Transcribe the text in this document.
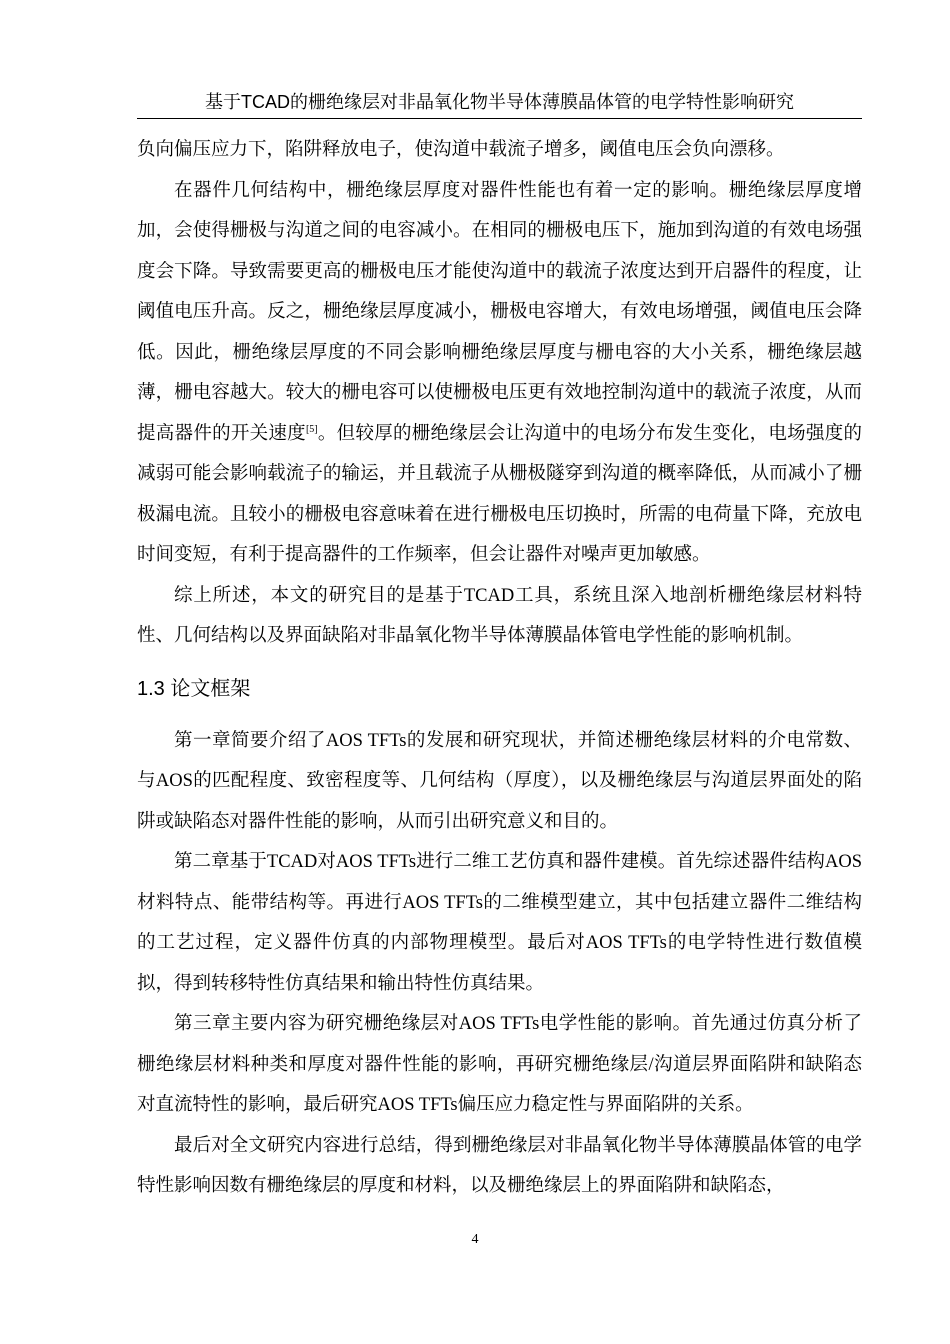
基于TCAD的栅绝缘层对非晶氧化物半导体薄膜晶体管的电学特性影响研究

负向偏压应力下，陷阱释放电子，使沟道中载流子增多，阈值电压会负向漂移。

在器件几何结构中，栅绝缘层厚度对器件性能也有着一定的影响。栅绝缘层厚度增加，会使得栅极与沟道之间的电容减小。在相同的栅极电压下，施加到沟道的有效电场强度会下降。导致需要更高的栅极电压才能使沟道中的载流子浓度达到开启器件的程度，让阈值电压升高。反之，栅绝缘层厚度减小，栅极电容增大，有效电场增强，阈值电压会降低。因此，栅绝缘层厚度的不同会影响栅绝缘层厚度与栅电容的大小关系，栅绝缘层越薄，栅电容越大。较大的栅电容可以使栅极电压更有效地控制沟道中的载流子浓度，从而提高器件的开关速度[5]。但较厚的栅绝缘层会让沟道中的电场分布发生变化，电场强度的减弱可能会影响载流子的输运，并且载流子从栅极隧穿到沟道的概率降低，从而减小了栅极漏电流。且较小的栅极电容意味着在进行栅极电压切换时，所需的电荷量下降，充放电时间变短，有利于提高器件的工作频率，但会让器件对噪声更加敏感。

综上所述，本文的研究目的是基于TCAD工具，系统且深入地剖析栅绝缘层材料特性、几何结构以及界面缺陷对非晶氧化物半导体薄膜晶体管电学性能的影响机制。

1.3 论文框架

第一章简要介绍了AOS TFTs的发展和研究现状，并简述栅绝缘层材料的介电常数、与AOS的匹配程度、致密程度等、几何结构（厚度），以及栅绝缘层与沟道层界面处的陷阱或缺陷态对器件性能的影响，从而引出研究意义和目的。

第二章基于TCAD对AOS TFTs进行二维工艺仿真和器件建模。首先综述器件结构AOS材料特点、能带结构等。再进行AOS TFTs的二维模型建立，其中包括建立器件二维结构的工艺过程，定义器件仿真的内部物理模型。最后对AOS TFTs的电学特性进行数值模拟，得到转移特性仿真结果和输出特性仿真结果。

第三章主要内容为研究栅绝缘层对AOS TFTs电学性能的影响。首先通过仿真分析了栅绝缘层材料种类和厚度对器件性能的影响，再研究栅绝缘层/沟道层界面陷阱和缺陷态对直流特性的影响，最后研究AOS TFTs偏压应力稳定性与界面陷阱的关系。

最后对全文研究内容进行总结，得到栅绝缘层对非晶氧化物半导体薄膜晶体管的电学特性影响因数有栅绝缘层的厚度和材料，以及栅绝缘层上的界面陷阱和缺陷态，

4
